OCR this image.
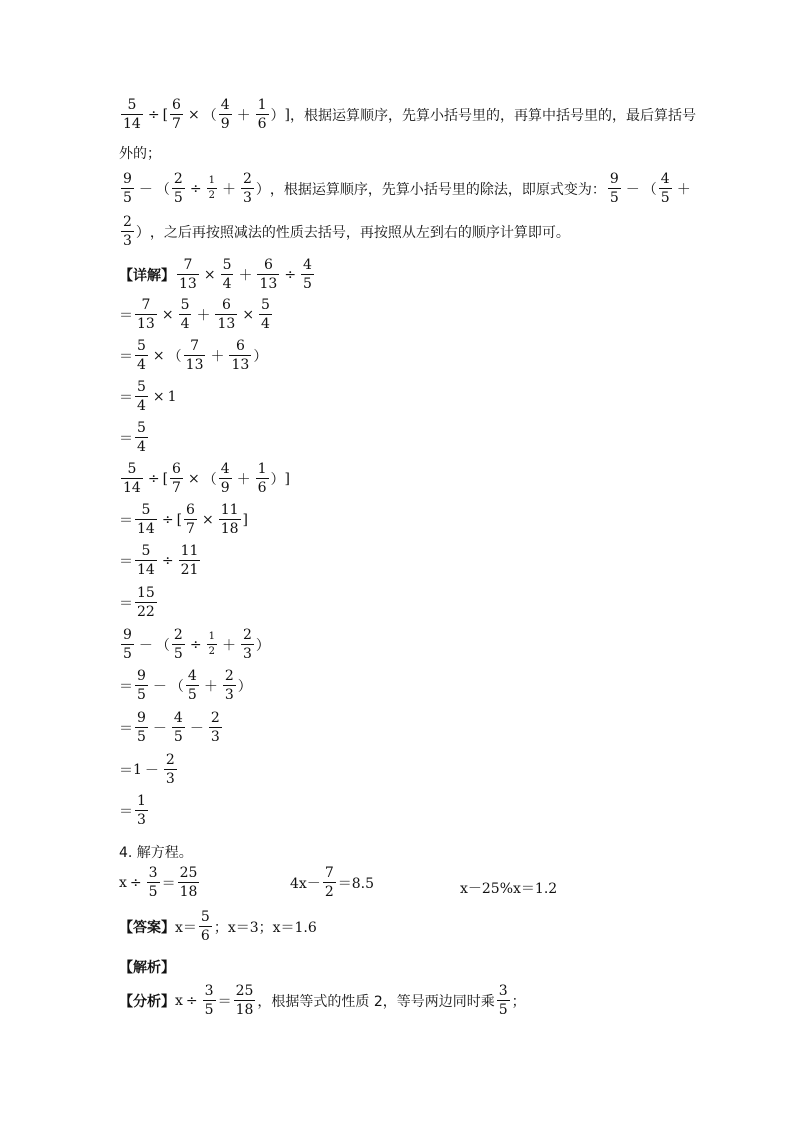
$\frac{5}{14}$ ÷ [ $\frac{6}{7}$ × （ $\frac{4}{9} + \frac{1}{6}$ ） ] ，根据运算顺序，先算小括号里的，再算中括号里的，最后算括号
外的；
$\frac{9}{5}$ － （ $\frac{2}{5} \div \frac{1}{2} + \frac{2}{3}$ ） ，根据运算顺序，先算小括号里的除法，即原式变为： $\frac{9}{5}$ － （ $\frac{4}{5}$ ＋
$\frac{2}{3}$ ） ，之后再按照减法的性质去括号，再按照从左到右的顺序计算即可。
【详解】 $\frac{7}{13} \times \frac{5}{4} + \frac{6}{13} \div \frac{4}{5}$
＝ $\frac{7}{13} \times \frac{5}{4} + \frac{6}{13} \times \frac{5}{4}$
＝ $\frac{5}{4}$ × （ $\frac{7}{13} + \frac{6}{13}$ ）
＝ $\frac{5}{4} \times 1$
＝ $\frac{5}{4}$
$\frac{5}{14}$ ÷ [ $\frac{6}{7}$ × （ $\frac{4}{9} + \frac{1}{6}$ ） ]
＝ $\frac{5}{14}$ ÷ [ $\frac{6}{7} \times \frac{11}{18}$ ]
＝ $\frac{5}{14} \div \frac{11}{21}$
＝ $\frac{15}{22}$
$\frac{9}{5}$ － （ $\frac{2}{5} \div \frac{1}{2} + \frac{2}{3}$ ）
＝ $\frac{9}{5}$ － （ $\frac{4}{5} + \frac{2}{3}$ ）
＝ $\frac{9}{5} - \frac{4}{5} - \frac{2}{3}$
＝ $1 - \frac{2}{3}$
＝ $\frac{1}{3}$
4. 解方程。
$x \div \frac{3}{5} = \frac{25}{18}$	$4x- \frac{7}{2} =8.5$	x－25%x＝1.2
【答案】 $x= \frac{5}{6}$ ；x＝3；x＝1.6
【解析】
【分析】 $x \div \frac{3}{5} = \frac{25}{18}$ ，根据等式的性质 2，等号两边同时乘 $\frac{3}{5}$ ；
